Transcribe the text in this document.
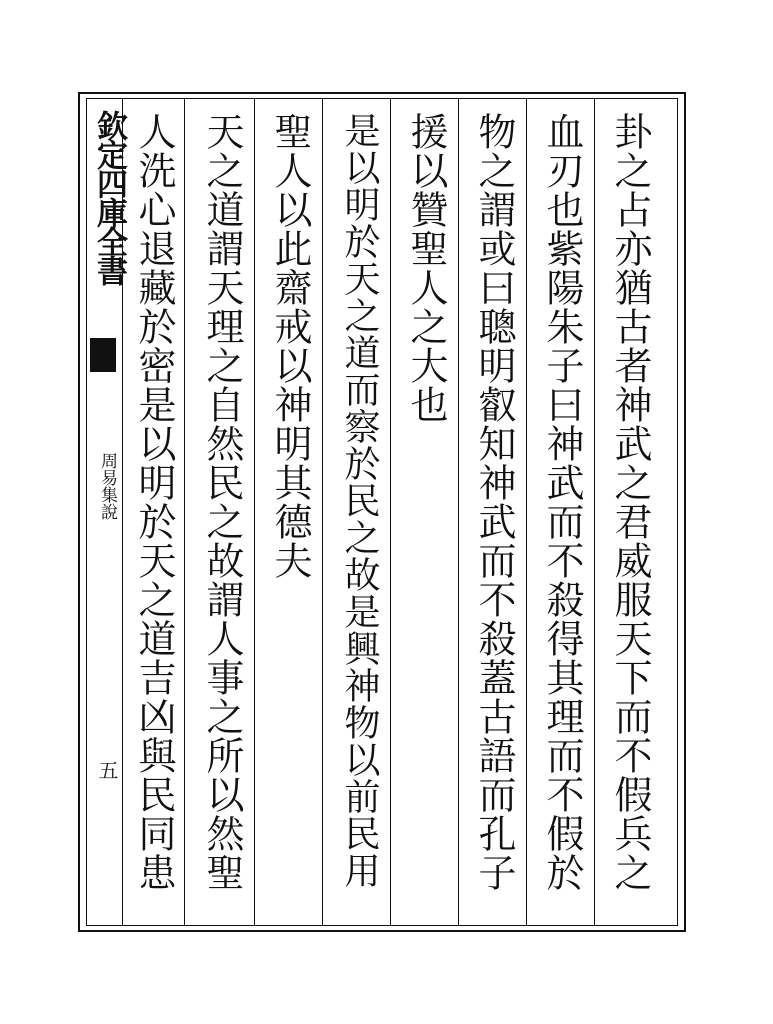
欽定四庫全書
周易集說
五	卦之占亦猶古者神武之君威服天下而不假兵之
血刃也紫陽朱子曰神武而不殺得其理而不假於
物之謂或曰聰明叡知神武而不殺蓋古語而孔子
援以贊聖人之大也
是以明於天之道而察於民之故是興神物以前民用
聖人以此齋戒以神明其德夫
天之道謂天理之自然民之故謂人事之所以然聖
人洗心退藏於密是以明於天之道吉凶與民同患
